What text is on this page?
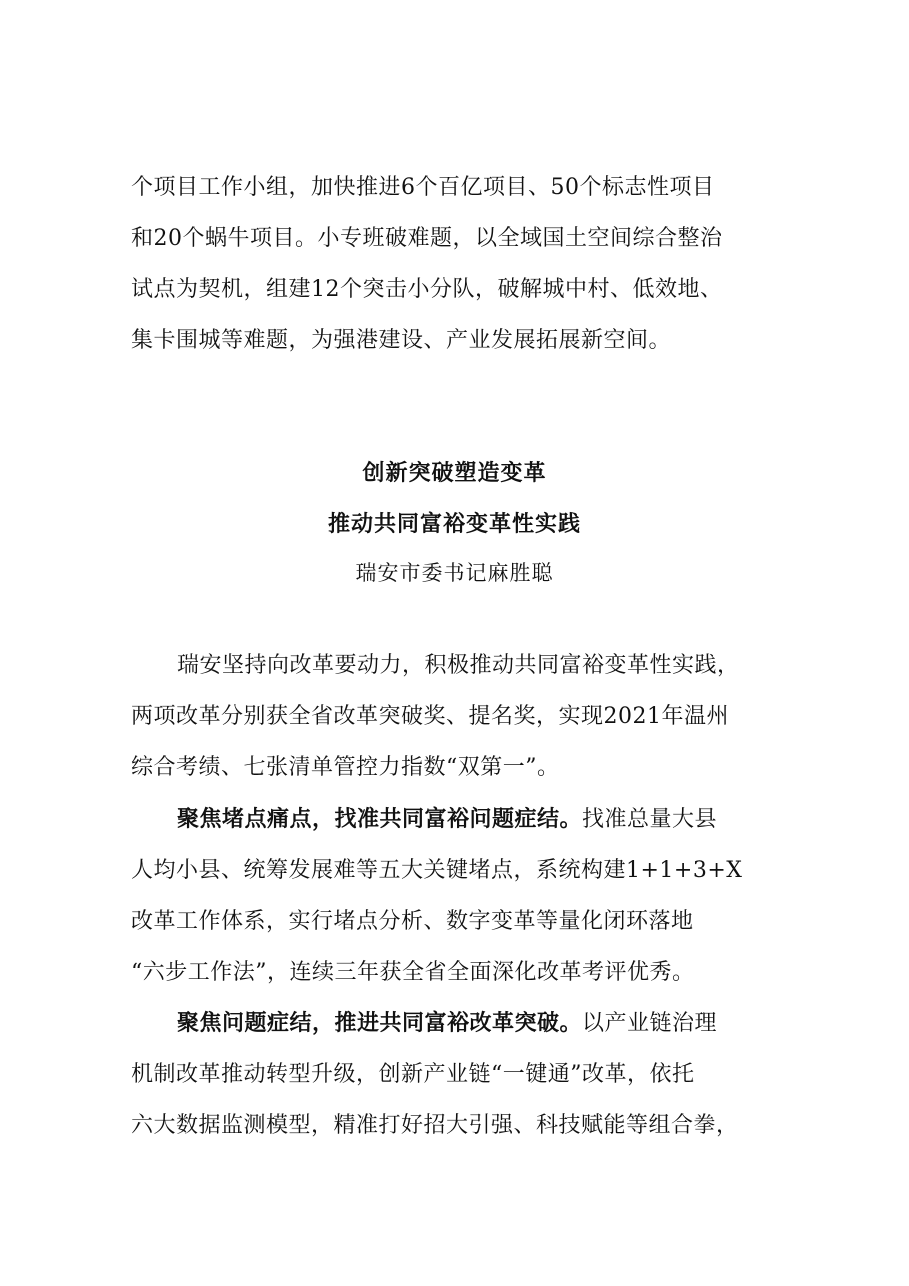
个项目工作小组，加快推进6个百亿项目、50个标志性项目
和20个蜗牛项目。小专班破难题，以全域国土空间综合整治
试点为契机，组建12个突击小分队，破解城中村、低效地、
集卡围城等难题，为强港建设、产业发展拓展新空间。

创新突破塑造变革
推动共同富裕变革性实践

瑞安市委书记麻胜聪

瑞安坚持向改革要动力，积极推动共同富裕变革性实践，
两项改革分别获全省改革突破奖、提名奖，实现2021年温州
综合考绩、七张清单管控力指数“双第一”。

聚焦堵点痛点，找准共同富裕问题症结。找准总量大县
人均小县、统筹发展难等五大关键堵点，系统构建1+1+3+X
改革工作体系，实行堵点分析、数字变革等量化闭环落地
“六步工作法”，连续三年获全省全面深化改革考评优秀。

聚焦问题症结，推进共同富裕改革突破。以产业链治理
机制改革推动转型升级，创新产业链“一键通”改革，依托
六大数据监测模型，精准打好招大引强、科技赋能等组合拳，
